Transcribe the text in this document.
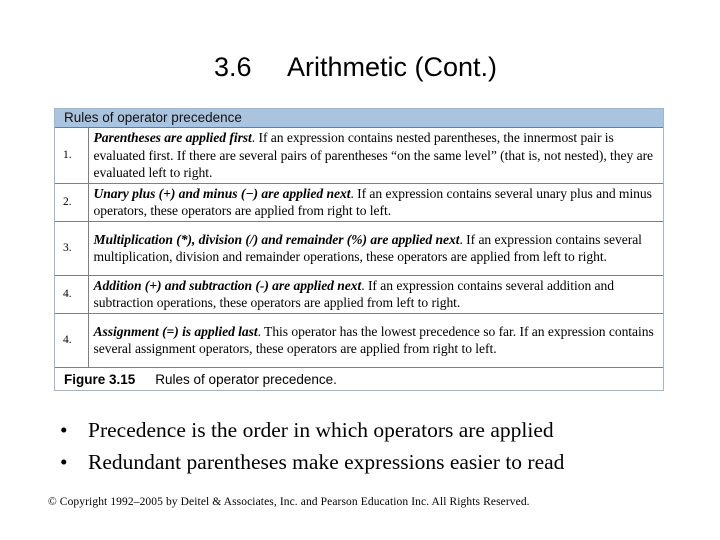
3.6 Arithmetic (Cont.)
Rules of operator precedence
1.	Parentheses are applied first. If an expression contains nested parentheses, the innermost pair is evaluated first. If there are several pairs of parentheses “on the same level” (that is, not nested), they are evaluated left to right.
2.	Unary plus (+) and minus (−) are applied next. If an expression contains several unary plus and minus operators, these operators are applied from right to left.
3.	Multiplication (*), division (/) and remainder (%) are applied next. If an expression contains several multiplication, division and remainder operations, these operators are applied from left to right.
4.	Addition (+) and subtraction (-) are applied next. If an expression contains several addition and subtraction operations, these operators are applied from left to right.
4.	Assignment (=) is applied last. This operator has the lowest precedence so far. If an expression contains several assignment operators, these operators are applied from right to left.
Figure 3.15 Rules of operator precedence.
• Precedence is the order in which operators are applied
• Redundant parentheses make expressions easier to read
© Copyright 1992–2005 by Deitel & Associates, Inc. and Pearson Education Inc. All Rights Reserved.
